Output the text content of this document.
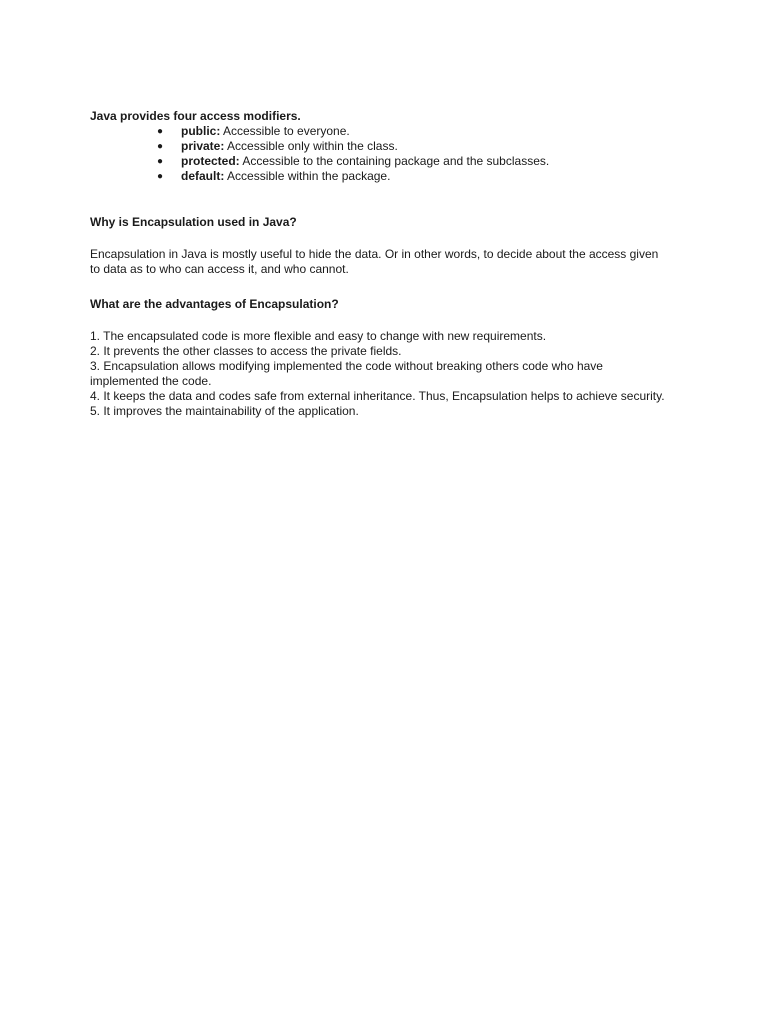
Java provides four access modifiers.

● public: Accessible to everyone.
● private: Accessible only within the class.
● protected: Accessible to the containing package and the subclasses.
● default: Accessible within the package.

Why is Encapsulation used in Java?

Encapsulation in Java is mostly useful to hide the data. Or in other words, to decide about the access given to data as to who can access it, and who cannot.

What are the advantages of Encapsulation?

1. The encapsulated code is more flexible and easy to change with new requirements.
2. It prevents the other classes to access the private fields.
3. Encapsulation allows modifying implemented the code without breaking others code who have implemented the code.
4. It keeps the data and codes safe from external inheritance. Thus, Encapsulation helps to achieve security.
5. It improves the maintainability of the application.
